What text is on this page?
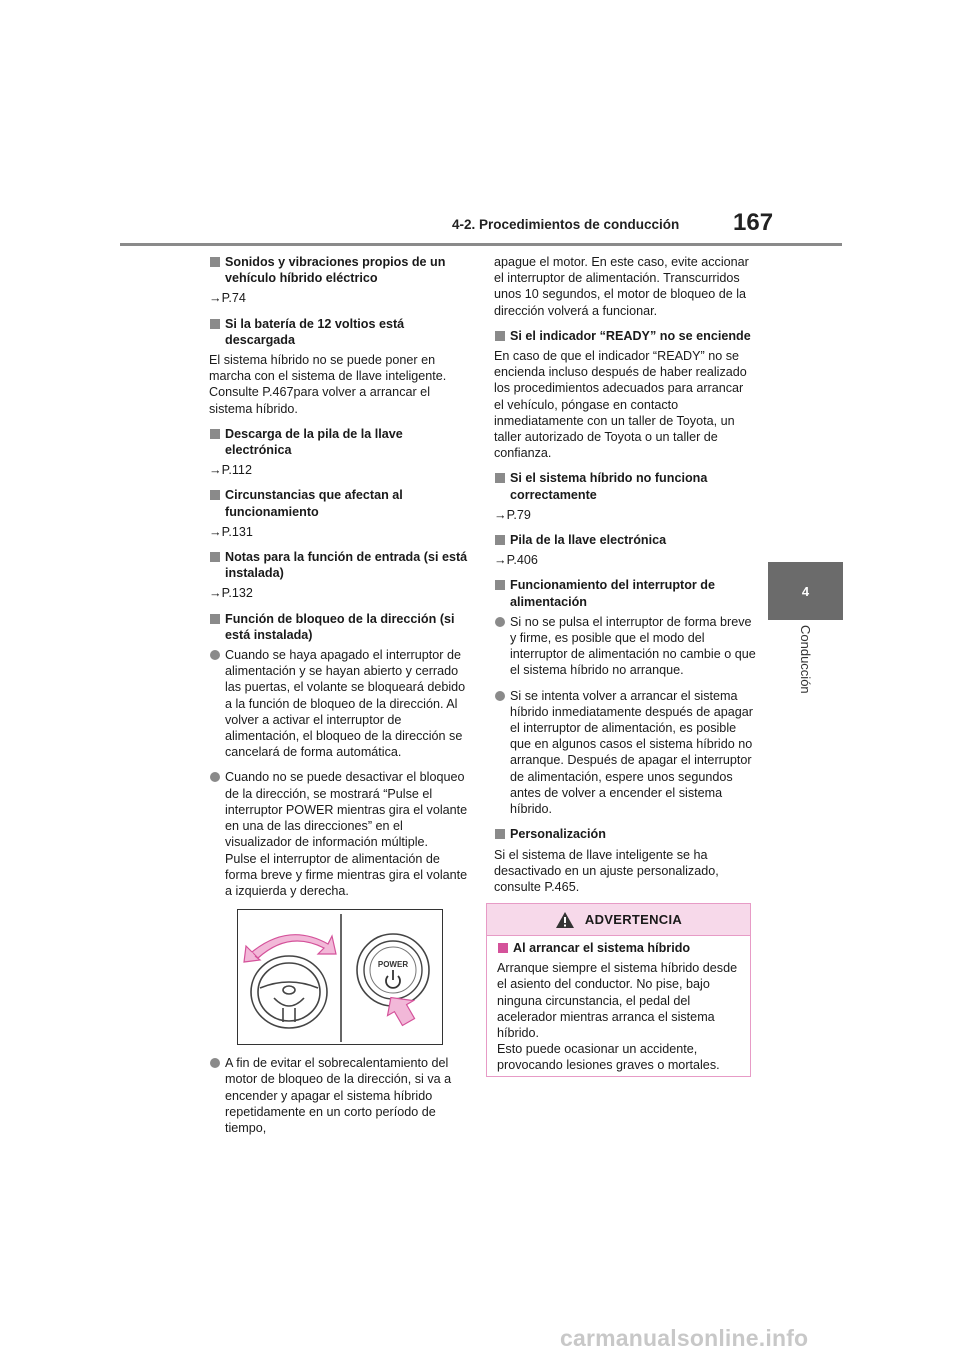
4-2. Procedimientos de conducción 167
4
Conducción
Sonidos y vibraciones propios de un vehículo híbrido eléctrico
→P.74
Si la batería de 12 voltios está descargada
El sistema híbrido no se puede poner en marcha con el sistema de llave inteligente. Consulte P.467para volver a arrancar el sistema híbrido.
Descarga de la pila de la llave electrónica
→P.112
Circunstancias que afectan al funcionamiento
→P.131
Notas para la función de entrada (si está instalada)
→P.132
Función de bloqueo de la dirección (si está instalada)
Cuando se haya apagado el interruptor de alimentación y se hayan abierto y cerrado las puertas, el volante se bloqueará debido a la función de bloqueo de la dirección. Al volver a activar el interruptor de alimentación, el bloqueo de la dirección se cancelará de forma automática.
Cuando no se puede desactivar el bloqueo de la dirección, se mostrará “Pulse el interruptor POWER mientras gira el volante en una de las direcciones” en el visualizador de información múltiple.
Pulse el interruptor de alimentación de forma breve y firme mientras gira el volante a izquierda y derecha.
POWER
A fin de evitar el sobrecalentamiento del motor de bloqueo de la dirección, si va a encender y apagar el sistema híbrido repetidamente en un corto período de tiempo,
apague el motor. En este caso, evite accionar el interruptor de alimentación. Transcurridos unos 10 segundos, el motor de bloqueo de la dirección volverá a funcionar.
Si el indicador “READY” no se enciende
En caso de que el indicador “READY” no se encienda incluso después de haber realizado los procedimientos adecuados para arrancar el vehículo, póngase en contacto inmediatamente con un taller de Toyota, un taller autorizado de Toyota o un taller de confianza.
Si el sistema híbrido no funciona correctamente
→P.79
Pila de la llave electrónica
→P.406
Funcionamiento del interruptor de alimentación
Si no se pulsa el interruptor de forma breve y firme, es posible que el modo del interruptor de alimentación no cambie o que el sistema híbrido no arranque.
Si se intenta volver a arrancar el sistema híbrido inmediatamente después de apagar el interruptor de alimentación, es posible que en algunos casos el sistema híbrido no arranque. Después de apagar el interruptor de alimentación, espere unos segundos antes de volver a encender el sistema híbrido.
Personalización
Si el sistema de llave inteligente se ha desactivado en un ajuste personalizado, consulte P.465.
ADVERTENCIA
Al arrancar el sistema híbrido
Arranque siempre el sistema híbrido desde el asiento del conductor. No pise, bajo ninguna circunstancia, el pedal del acelerador mientras arranca el sistema híbrido.
Esto puede ocasionar un accidente, provocando lesiones graves o mortales.
carmanualsonline.info
